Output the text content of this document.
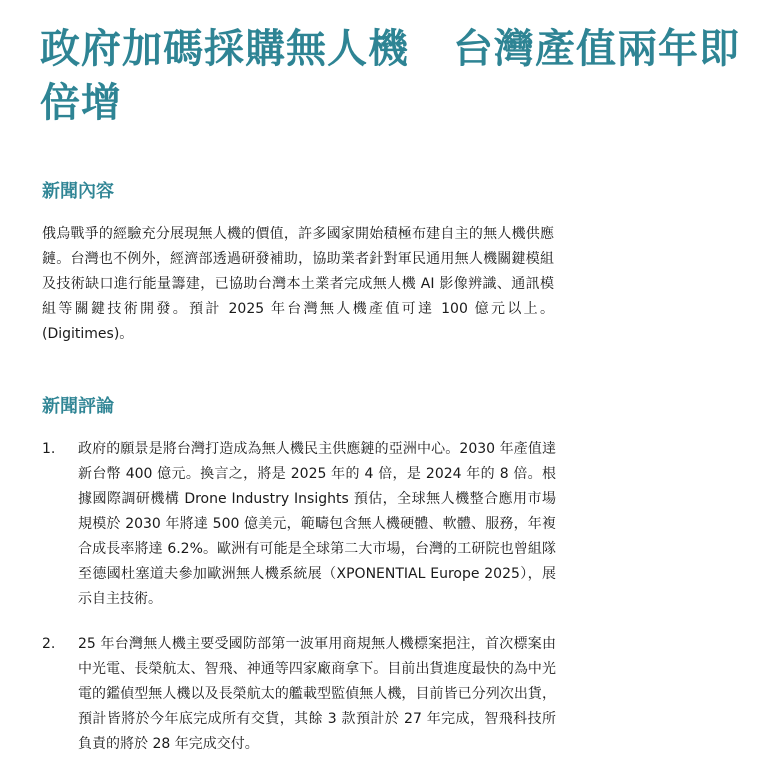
政府加碼採購無人機 台灣產值兩年即倍增
新聞內容
俄烏戰爭的經驗充分展現無人機的價值，許多國家開始積極布建自主的無人機供應鏈。台灣也不例外，經濟部透過研發補助，協助業者針對軍民通用無人機關鍵模組及技術缺口進行能量籌建，已協助台灣本土業者完成無人機 AI 影像辨識、通訊模組等關鍵技術開發。預計 2025 年台灣無人機產值可達 100 億元以上。(Digitimes)。
新聞評論
1. 政府的願景是將台灣打造成為無人機民主供應鏈的亞洲中心。2030 年產值達新台幣 400 億元。換言之，將是 2025 年的 4 倍，是 2024 年的 8 倍。根據國際調研機構 Drone Industry Insights 預估，全球無人機整合應用市場規模於 2030 年將達 500 億美元，範疇包含無人機硬體、軟體、服務，年複合成長率將達 6.2%。歐洲有可能是全球第二大市場，台灣的工研院也曾組隊至德國杜塞道夫參加歐洲無人機系統展（XPONENTIAL Europe 2025），展示自主技術。
2. 25 年台灣無人機主要受國防部第一波軍用商規無人機標案挹注，首次標案由中光電、長榮航太、智飛、神通等四家廠商拿下。目前出貨進度最快的為中光電的鑑偵型無人機以及長榮航太的艦載型監偵無人機，目前皆已分列次出貨，預計皆將於今年底完成所有交貨，其餘 3 款預計於 27 年完成，智飛科技所負責的將於 28 年完成交付。
